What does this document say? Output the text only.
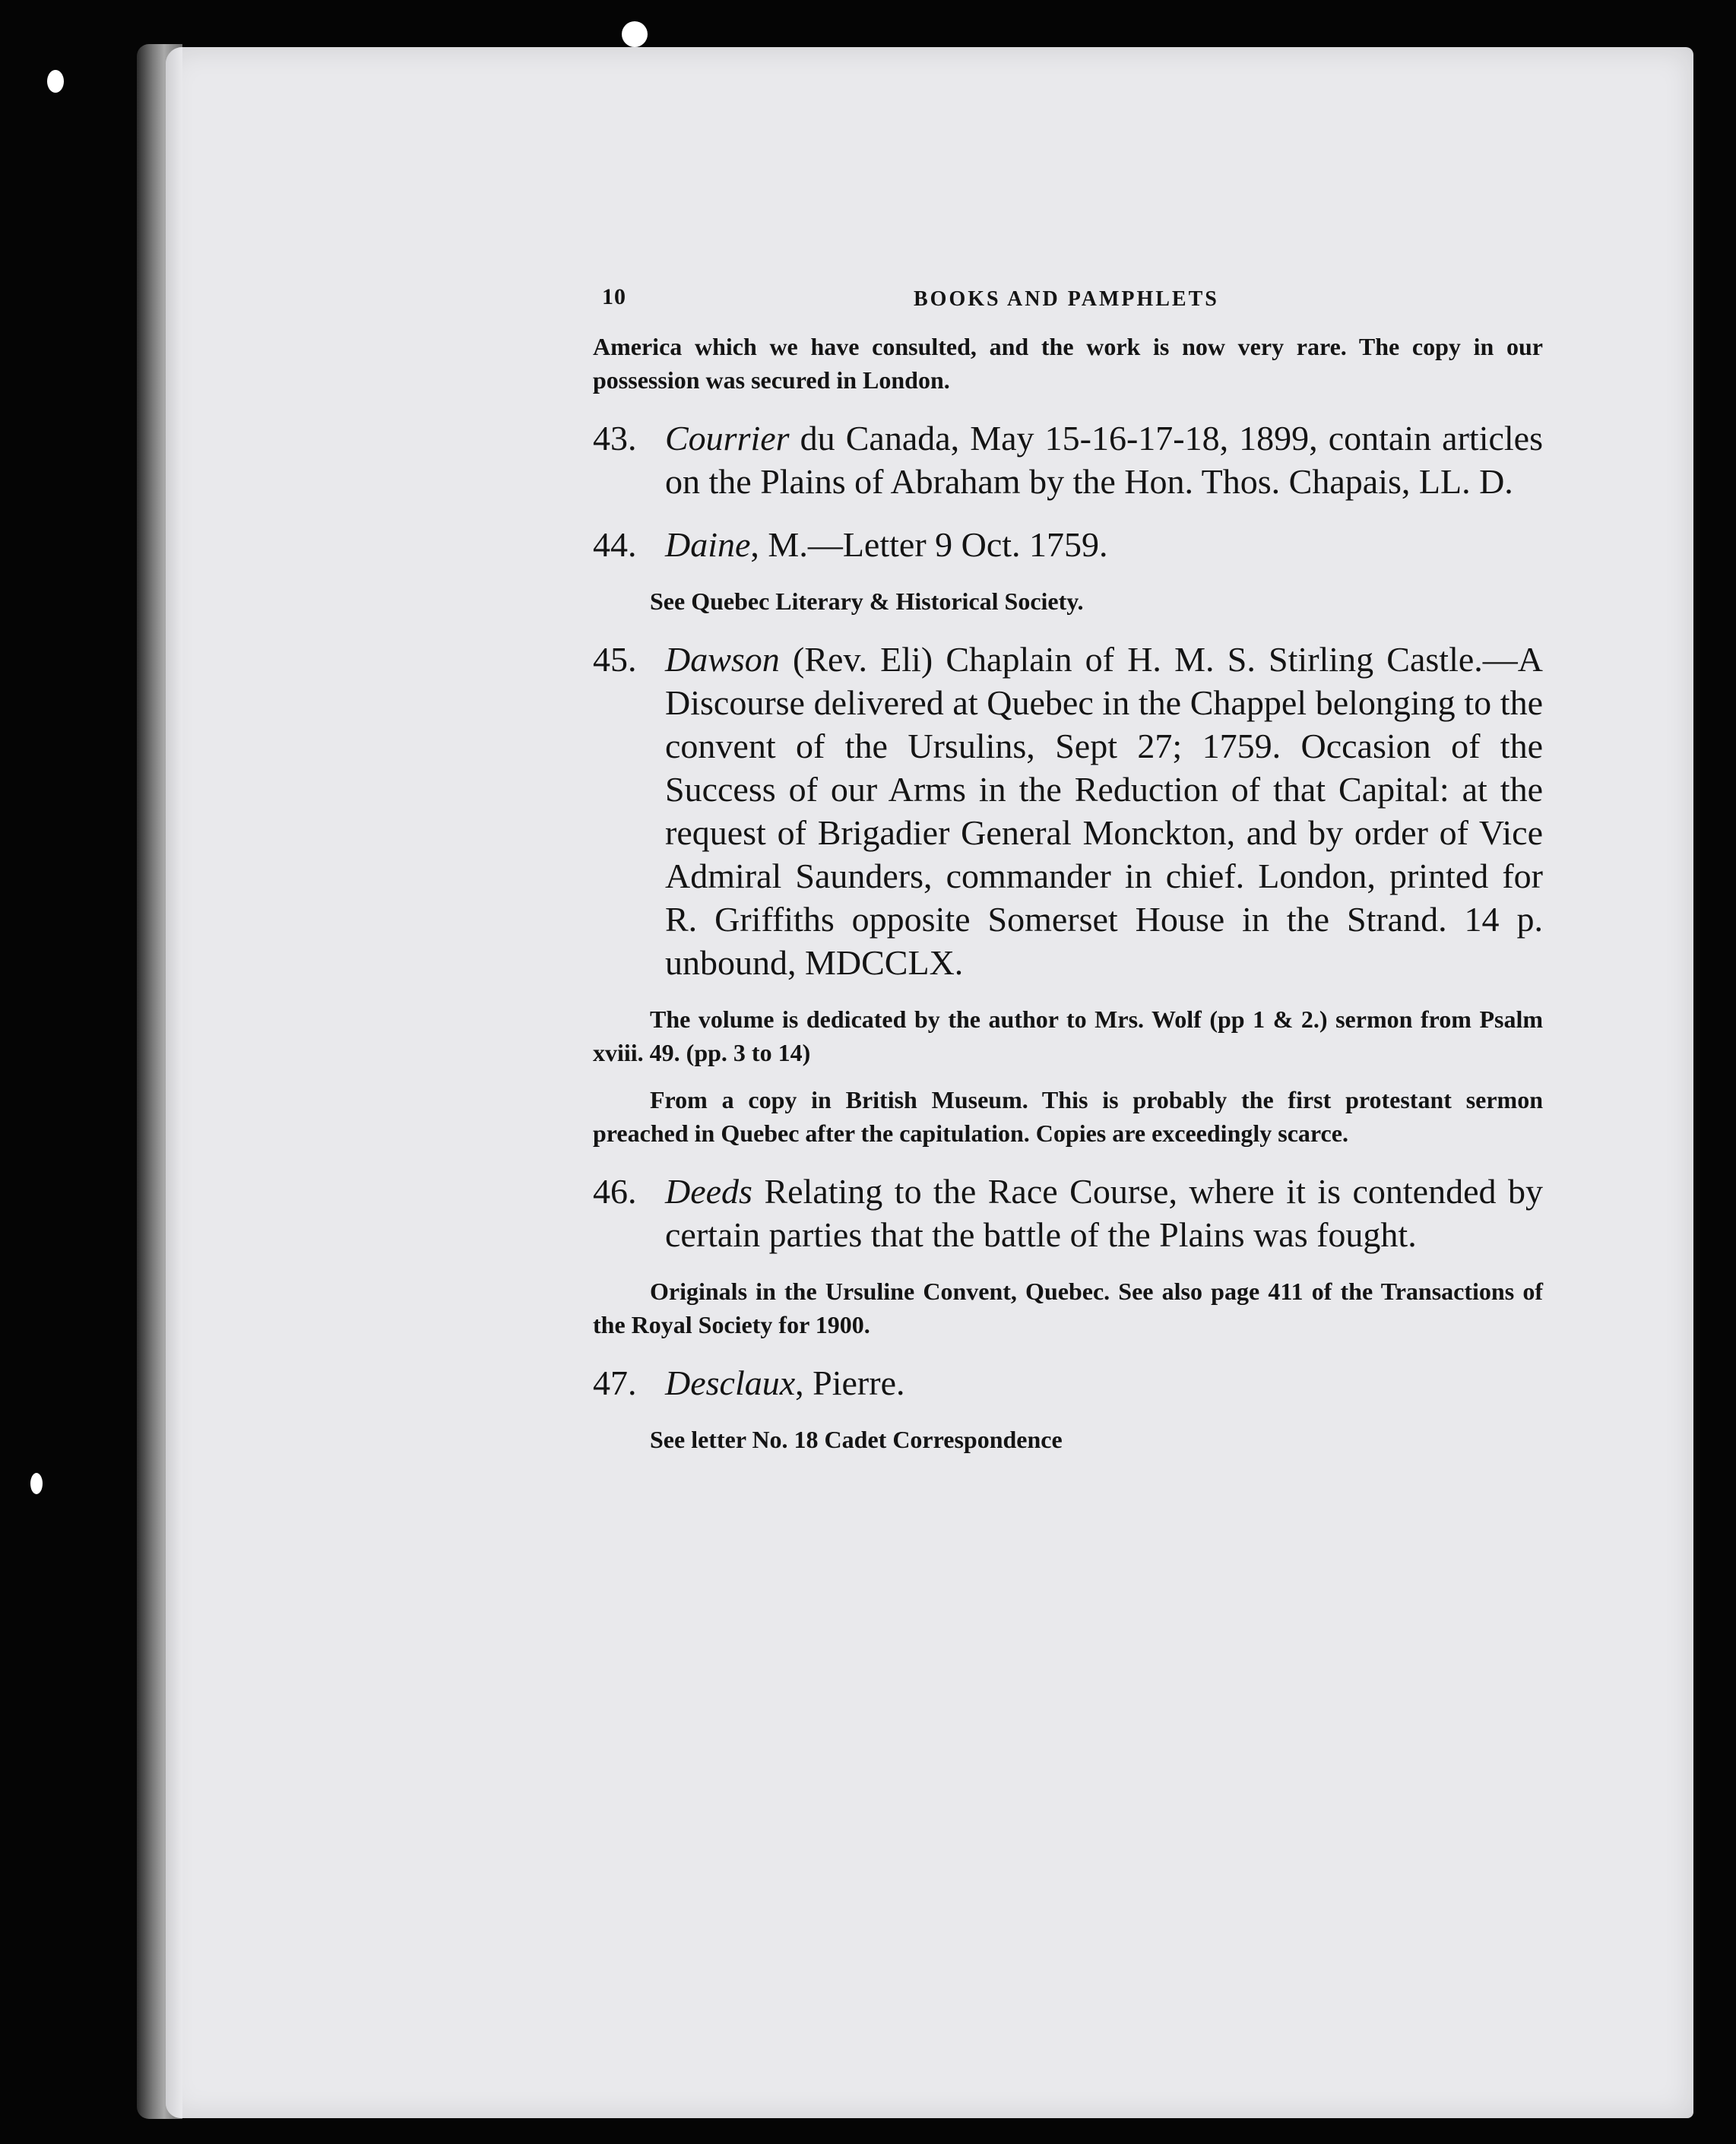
10	BOOKS AND PAMPHLETS
America which we have consulted, and the work is now very rare. The copy in our possession was secured in London.
43. Courrier du Canada, May 15-16-17-18, 1899, contain articles on the Plains of Abraham by the Hon. Thos. Chapais, LL. D.
44. Daine, M.—Letter 9 Oct. 1759.
See Quebec Literary & Historical Society.
45. Dawson (Rev. Eli) Chaplain of H. M. S. Stirling Castle.—A Discourse delivered at Quebec in the Chappel belonging to the convent of the Ursulins, Sept 27; 1759. Occasion of the Success of our Arms in the Reduction of that Capital: at the request of Brigadier General Monckton, and by order of Vice Admiral Saunders, commander in chief. London, printed for R. Griffiths opposite Somerset House in the Strand. 14 p. unbound, MDCCLX.
The volume is dedicated by the author to Mrs. Wolf (pp 1 & 2.) sermon from Psalm xviii. 49. (pp. 3 to 14)
From a copy in British Museum. This is probably the first protestant sermon preached in Quebec after the capitulation. Copies are exceedingly scarce.
46. Deeds Relating to the Race Course, where it is contended by certain parties that the battle of the Plains was fought.
Originals in the Ursuline Convent, Quebec. See also page 411 of the Transactions of the Royal Society for 1900.
47. Desclaux, Pierre.
See letter No. 18 Cadet Correspondence
